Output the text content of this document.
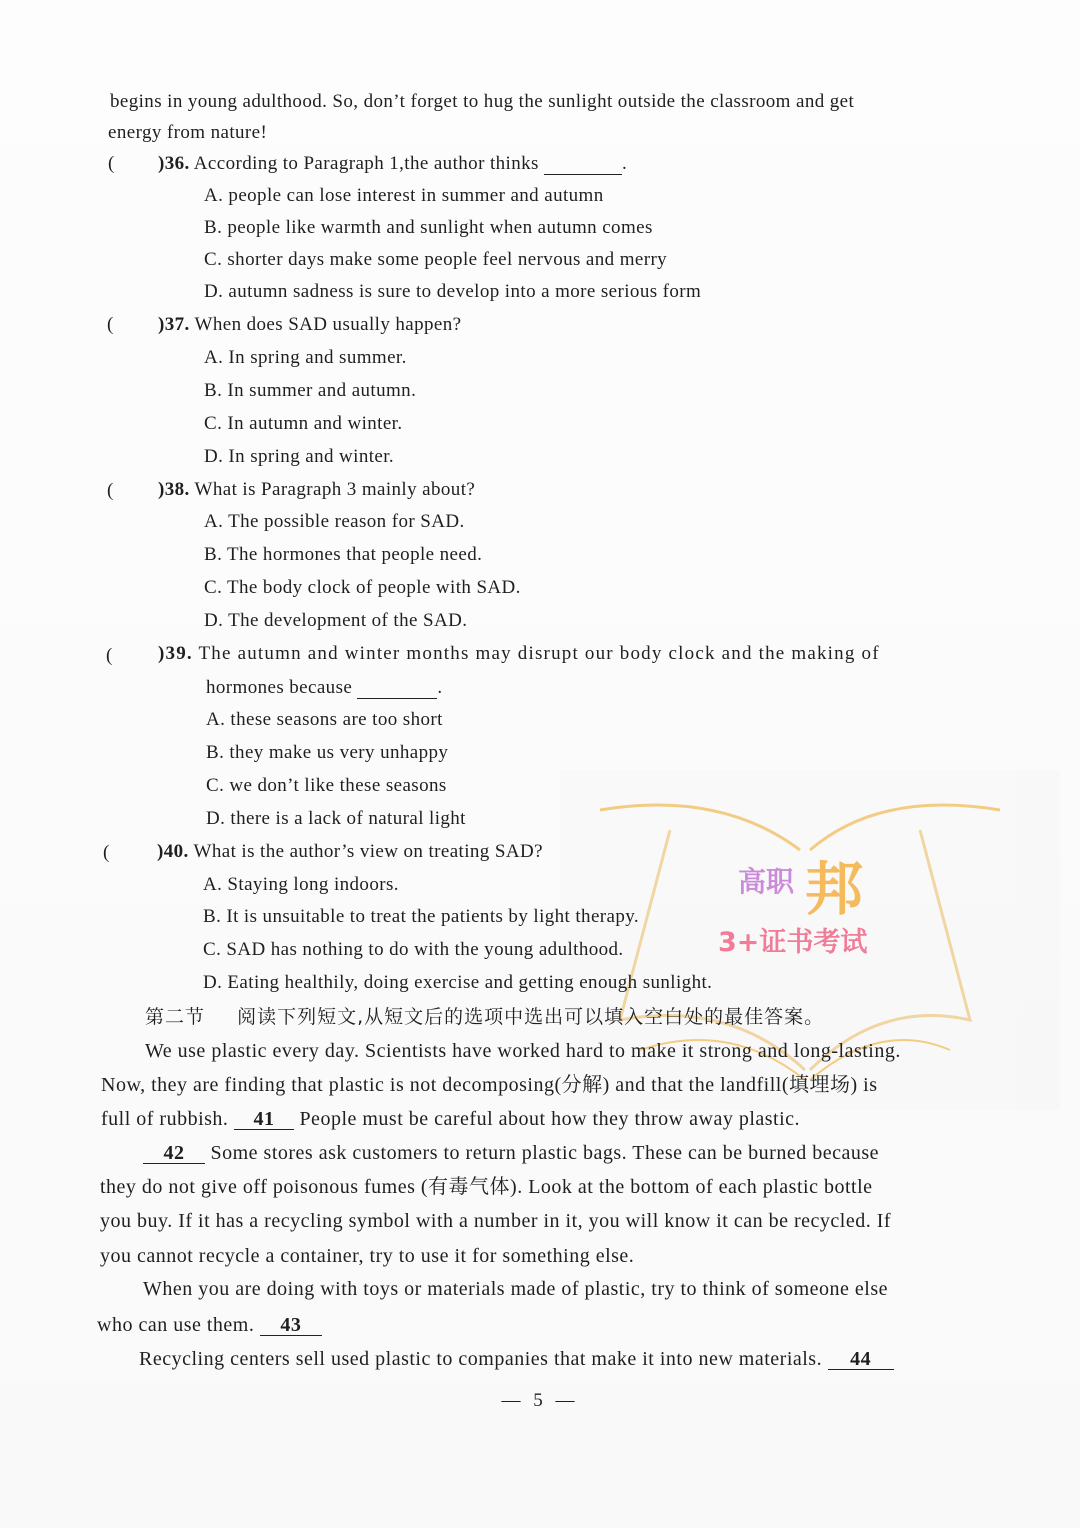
begins in young adulthood. So, don’t forget to hug the sunlight outside the classroom and get
energy from nature!
( )36. According to Paragraph 1,the author thinks	.
A. people can lose interest in summer and autumn
B. people like warmth and sunlight when autumn comes
C. shorter days make some people feel nervous and merry
D. autumn sadness is sure to develop into a more serious form
( )37. When does SAD usually happen?
A. In spring and summer.
B. In summer and autumn.
C. In autumn and winter.
D. In spring and winter.
( )38. What is Paragraph 3 mainly about?
A. The possible reason for SAD.
B. The hormones that people need.
C. The body clock of people with SAD.
D. The development of the SAD.
( )39. The autumn and winter months may disrupt our body clock and the making of
hormones because	.
A. these seasons are too short
B. they make us very unhappy
C. we don’t like these seasons
D. there is a lack of natural light
高职 邦
3+证书考试
(	)40. What is the author’s view on treating SAD?
A. Staying long indoors.
B. It is unsuitable to treat the patients by light therapy.
C. SAD has nothing to do with the young adulthood.
D. Eating healthily, doing exercise and getting enough sunlight.
第二节 阅读下列短文,从短文后的选项中选出可以填入空白处的最佳答案。
We use plastic every day. Scientists have worked hard to make it strong and long-lasting.
Now, they are finding that plastic is not decomposing(分解) and that the landfill(填埋场) is
full of rubbish. 41 People must be careful about how they throw away plastic.
42 Some stores ask customers to return plastic bags. These can be burned because
they do not give off poisonous fumes (有毒气体). Look at the bottom of each plastic bottle
you buy. If it has a recycling symbol with a number in it, you will know it can be recycled. If
you cannot recycle a container, try to use it for something else.
When you are doing with toys or materials made of plastic, try to think of someone else
who can use them. 43
Recycling centers sell used plastic to companies that make it into new materials. 44
— 5 —
